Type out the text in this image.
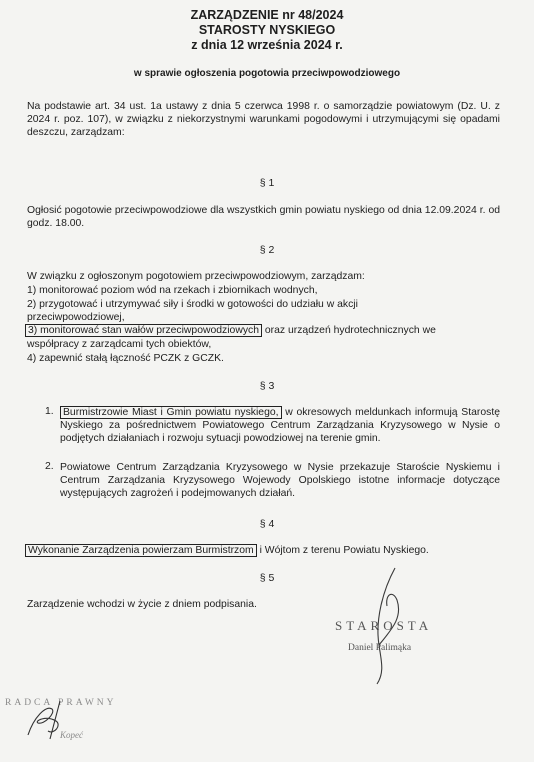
ZARZĄDZENIE nr 48/2024
STAROSTY NYSKIEGO
z dnia 12 września 2024 r.
w sprawie ogłoszenia pogotowia przeciwpowodziowego
Na podstawie art. 34 ust. 1a ustawy z dnia 5 czerwca 1998 r. o samorządzie powiatowym (Dz. U. z 2024 r. poz. 107), w związku z niekorzystnymi warunkami pogodowymi i utrzymującymi się opadami deszczu, zarządzam:
§ 1
Ogłosić pogotowie przeciwpowodziowe dla wszystkich gmin powiatu nyskiego od dnia 12.09.2024 r. od godz. 18.00.
§ 2
W związku z ogłoszonym pogotowiem przeciwpowodziowym, zarządzam:
1) monitorować poziom wód na rzekach i zbiornikach wodnych,
2) przygotować i utrzymywać siły i środki w gotowości do udziału w akcji
przeciwpowodziowej,
3) monitorować stan wałów przeciwpowodziowych oraz urządzeń hydrotechnicznych we
współpracy z zarządcami tych obiektów,
4) zapewnić stałą łączność PCZK z GCZK.
§ 3
1. Burmistrzowie Miast i Gmin powiatu nyskiego, w okresowych meldunkach informują Starostę Nyskiego za pośrednictwem Powiatowego Centrum Zarządzania Kryzysowego w Nysie o podjętych działaniach i rozwoju sytuacji powodziowej na terenie gmin.
2. Powiatowe Centrum Zarządzania Kryzysowego w Nysie przekazuje Staroście Nyskiemu i Centrum Zarządzania Kryzysowego Wojewody Opolskiego istotne informacje dotyczące występujących zagrożeń i podejmowanych działań.
§ 4
Wykonanie Zarządzenia powierzam Burmistrzom i Wójtom z terenu Powiatu Nyskiego.
§ 5
Zarządzenie wchodzi w życie z dniem podpisania.
STAROSTA
Daniel Palimąka
RADCA PRAWNY
Kopeć
